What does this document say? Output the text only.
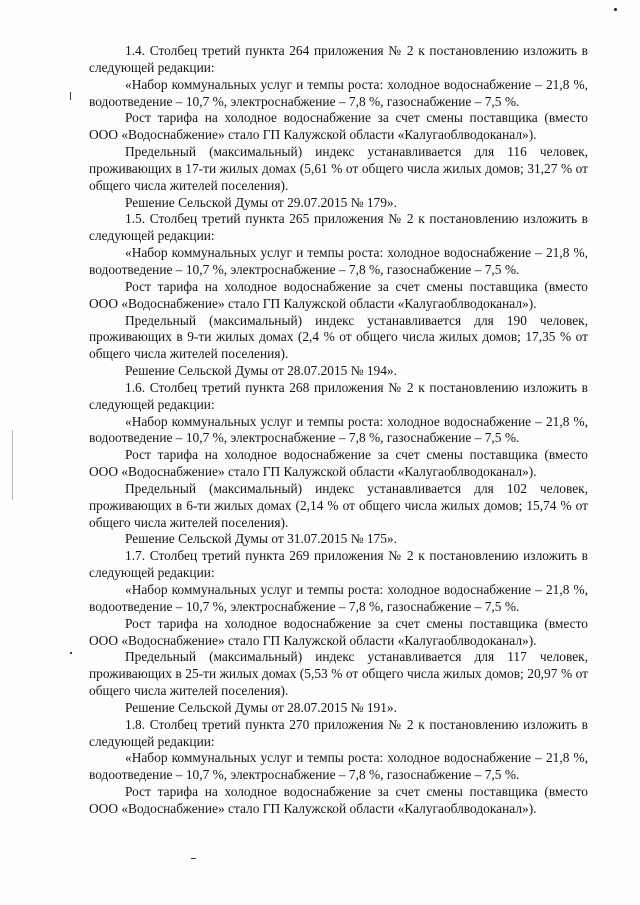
1.4. Столбец третий пункта 264 приложения № 2 к постановлению изложить в следующей редакции:

«Набор коммунальных услуг и темпы роста: холодное водоснабжение – 21,8 %, водоотведение – 10,7 %, электроснабжение – 7,8 %, газоснабжение – 7,5 %.

Рост тарифа на холодное водоснабжение за счет смены поставщика (вместо ООО «Водоснабжение» стало ГП Калужской области «Калугаоблводоканал»).

Предельный (максимальный) индекс устанавливается для 116 человек, проживающих в 17-ти жилых домах (5,61 % от общего числа жилых домов; 31,27 % от общего числа жителей поселения).

Решение Сельской Думы от 29.07.2015 № 179».

1.5. Столбец третий пункта 265 приложения № 2 к постановлению изложить в следующей редакции:

«Набор коммунальных услуг и темпы роста: холодное водоснабжение – 21,8 %, водоотведение – 10,7 %, электроснабжение – 7,8 %, газоснабжение – 7,5 %.

Рост тарифа на холодное водоснабжение за счет смены поставщика (вместо ООО «Водоснабжение» стало ГП Калужской области «Калугаоблводоканал»).

Предельный (максимальный) индекс устанавливается для 190 человек, проживающих в 9-ти жилых домах (2,4 % от общего числа жилых домов; 17,35 % от общего числа жителей поселения).

Решение Сельской Думы от 28.07.2015 № 194».

1.6. Столбец третий пункта 268 приложения № 2 к постановлению изложить в следующей редакции:

«Набор коммунальных услуг и темпы роста: холодное водоснабжение – 21,8 %, водоотведение – 10,7 %, электроснабжение – 7,8 %, газоснабжение – 7,5 %.

Рост тарифа на холодное водоснабжение за счет смены поставщика (вместо ООО «Водоснабжение» стало ГП Калужской области «Калугаоблводоканал»).

Предельный (максимальный) индекс устанавливается для 102 человек, проживающих в 6-ти жилых домах (2,14 % от общего числа жилых домов; 15,74 % от общего числа жителей поселения).

Решение Сельской Думы от 31.07.2015 № 175».

1.7. Столбец третий пункта 269 приложения № 2 к постановлению изложить в следующей редакции:

«Набор коммунальных услуг и темпы роста: холодное водоснабжение – 21,8 %, водоотведение – 10,7 %, электроснабжение – 7,8 %, газоснабжение – 7,5 %.

Рост тарифа на холодное водоснабжение за счет смены поставщика (вместо ООО «Водоснабжение» стало ГП Калужской области «Калугаоблводоканал»).

Предельный (максимальный) индекс устанавливается для 117 человек, проживающих в 25-ти жилых домах (5,53 % от общего числа жилых домов; 20,97 % от общего числа жителей поселения).

Решение Сельской Думы от 28.07.2015 № 191».

1.8. Столбец третий пункта 270 приложения № 2 к постановлению изложить в следующей редакции:

«Набор коммунальных услуг и темпы роста: холодное водоснабжение – 21,8 %, водоотведение – 10,7 %, электроснабжение – 7,8 %, газоснабжение – 7,5 %.

Рост тарифа на холодное водоснабжение за счет смены поставщика (вместо ООО «Водоснабжение» стало ГП Калужской области «Калугаоблводоканал»).
